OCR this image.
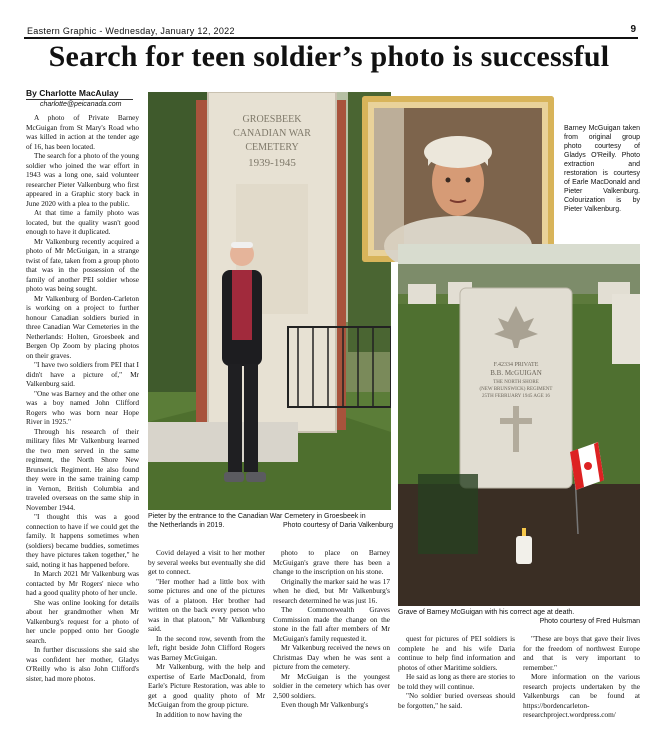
Eastern Graphic - Wednesday, January 12, 2022	9
Search for teen soldier’s photo is successful
By Charlotte MacAulay
charlotte@peicanada.com

A photo of Private Barney McGuigan from St Mary's Road who was killed in action at the tender age of 16, has been located.

The search for a photo of the young soldier who joined the war effort in 1943 was a long one, said volunteer researcher Pieter Valkenburg who first appeared in a Graphic story back in June 2020 with a plea to the public.

At that time a family photo was located, but the quality wasn't good enough to have it duplicated.

Mr Valkenburg recently acquired a photo of Mr McGuigan, in a strange twist of fate, taken from a group photo that was in the possession of the family of another PEI soldier whose photo was being sought.

Mr Valkenburg of Borden-Carleton is working on a project to further honour Canadian soldiers buried in three Canadian War Cemeteries in the Netherlands: Holten, Groesbeek and Bergen Op Zoom by placing photos on their graves.

"I have two soldiers from PEI that I didn't have a picture of," Mr Valkenburg said.

"One was Barney and the other one was a boy named John Clifford Rogers who was born near Hope River in 1925."

Through his research of their military files Mr Valkenburg learned the two men served in the same regiment, the North Shore New Brunswick Regiment. He also found they were in the same training camp in Vernon, British Columbia and traveled overseas on the same ship in November 1944.

"I thought this was a good connection to have if we could get the family. It happens sometimes when (soldiers) became buddies, sometimes they have pictures taken together," he said, noting it has happened before.

In March 2021 Mr Valkenburg was contacted by Mr Rogers' niece who had a good quality photo of her uncle.

She was online looking for details about her grandmother when Mr Valkenburg's request for a photo of her uncle popped onto her Google search.

In further discussions she said she was confident her mother, Gladys O'Reilly who is also John Clifford's sister, had more photos.

GROESBEEK
CANADIAN WAR
CEMETERY
1939-1945
Pieter by the entrance to the Canadian War Cemetery in Groesbeek in
the Netherlands in 2019.	Photo courtesy of Daria Valkenburg
Barney McGuigan taken from original group photo courtesy of Gladys O'Reilly. Photo extraction and restoration is courtesy of Earle MacDonald and Pieter Valkenburg. Colourization is by Pieter Valkenburg.
F.42334 PRIVATE
B.B. McGUIGAN
THE NORTH SHORE
(NEW BRUNSWICK) REGIMENT
25TH FEBRUARY 1945 AGE 16
Grave of Barney McGuigan with his correct age at death.
Photo courtesy of Fred Hulsman

Covid delayed a visit to her mother by several weeks but eventually she did get to connect.

"Her mother had a little box with some pictures and one of the pictures was of a platoon. Her brother had written on the back every person who was in that platoon," Mr Valkenburg said.

In the second row, seventh from the left, right beside John Clifford Rogers was Barney McGuigan.

Mr Valkenburg, with the help and expertise of Earle MacDonald, from Earle's Picture Restoration, was able to get a good quality photo of Mr McGuigan from the group picture.

In addition to now having the

photo to place on Barney McGuigan's grave there has been a change to the inscription on his stone.

Originally the marker said he was 17 when he died, but Mr Valkenburg's research determined he was just 16.

The Commonwealth Graves Commission made the change on the stone in the fall after members of Mr McGuigan's family requested it.

Mr Valkenburg received the news on Christmas Day when he was sent a picture from the cemetery.

Mr McGuigan is the youngest soldier in the cemetery which has over 2,500 soldiers.

Even though Mr Valkenburg's

quest for pictures of PEI soldiers is complete he and his wife Daria continue to help find information and photos of other Maritime soldiers.

He said as long as there are stories to be told they will continue.

"No soldier buried overseas should be forgotten," he said.

"These are boys that gave their lives for the freedom of northwest Europe and that is very important to remember."

More information on the various research projects undertaken by the Valkenburgs can be found at https://bordencarleton-researchproject.wordpress.com/
